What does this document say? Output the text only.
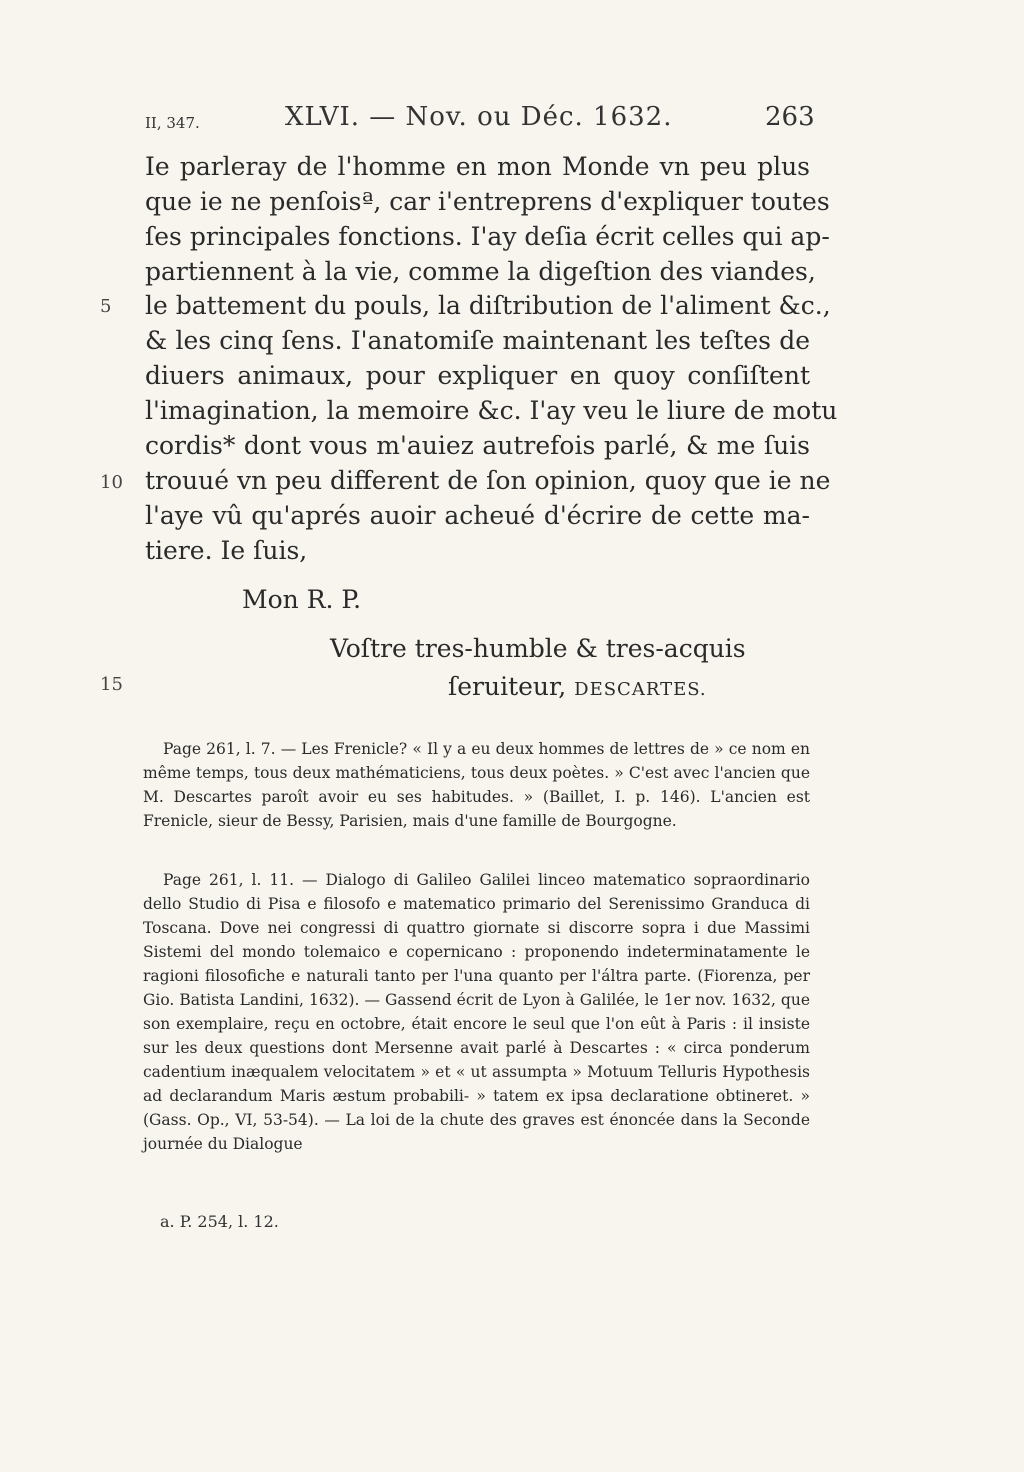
II, 347.	XLVI. — Nov. ou Déc. 1632.	263
Ie parleray de l'homme en mon Monde vn peu plus
que ie ne penſoisª, car i'entreprens d'expliquer toutes
ſes principales fonctions. I'ay deſia écrit celles qui ap-
partiennent à la vie, comme la digeſtion des viandes,
le battement du pouls, la diſtribution de l'aliment &c.,
& les cinq ſens. I'anatomiſe maintenant les teſtes de
diuers animaux, pour expliquer en quoy conſiſtent
l'imagination, la memoire &c. I'ay veu le liure de motu
cordis* dont vous m'auiez autrefois parlé, & me ſuis
trouué vn peu different de ſon opinion, quoy que ie ne
l'aye vû qu'aprés auoir acheué d'écrire de cette ma-
tiere. Ie ſuis,
5
10
15
Mon R. P.
Voſtre tres-humble & tres-acquis
ſeruiteur, DESCARTES.

Page 261, l. 7. — Les Frenicle? « Il y a eu deux hommes de lettres de » ce nom en même temps, tous deux mathématiciens, tous deux poètes. » C'est avec l'ancien que M. Descartes paroît avoir eu ses habitudes. » (Baillet, I. p. 146). L'ancien est Frenicle, sieur de Bessy, Parisien, mais d'une famille de Bourgogne.

Page 261, l. 11. — Dialogo di Galileo Galilei linceo matematico sopraordinario dello Studio di Pisa e filosofo e matematico primario del Serenissimo Granduca di Toscana. Dove nei congressi di quattro giornate si discorre sopra i due Massimi Sistemi del mondo tolemaico e copernicano : proponendo indeterminatamente le ragioni filosofiche e naturali tanto per l'una quanto per l'áltra parte. (Fiorenza, per Gio. Batista Landini, 1632). — Gassend écrit de Lyon à Galilée, le 1er nov. 1632, que son exemplaire, reçu en octobre, était encore le seul que l'on eût à Paris : il insiste sur les deux questions dont Mersenne avait parlé à Descartes : « circa ponderum cadentium inæqualem velocitatem » et « ut assumpta » Motuum Telluris Hypothesis ad declarandum Maris æstum probabili- » tatem ex ipsa declaratione obtineret. » (Gass. Op., VI, 53-54). — La loi de la chute des graves est énoncée dans la Seconde journée du Dialogue

a. P. 254, l. 12.
